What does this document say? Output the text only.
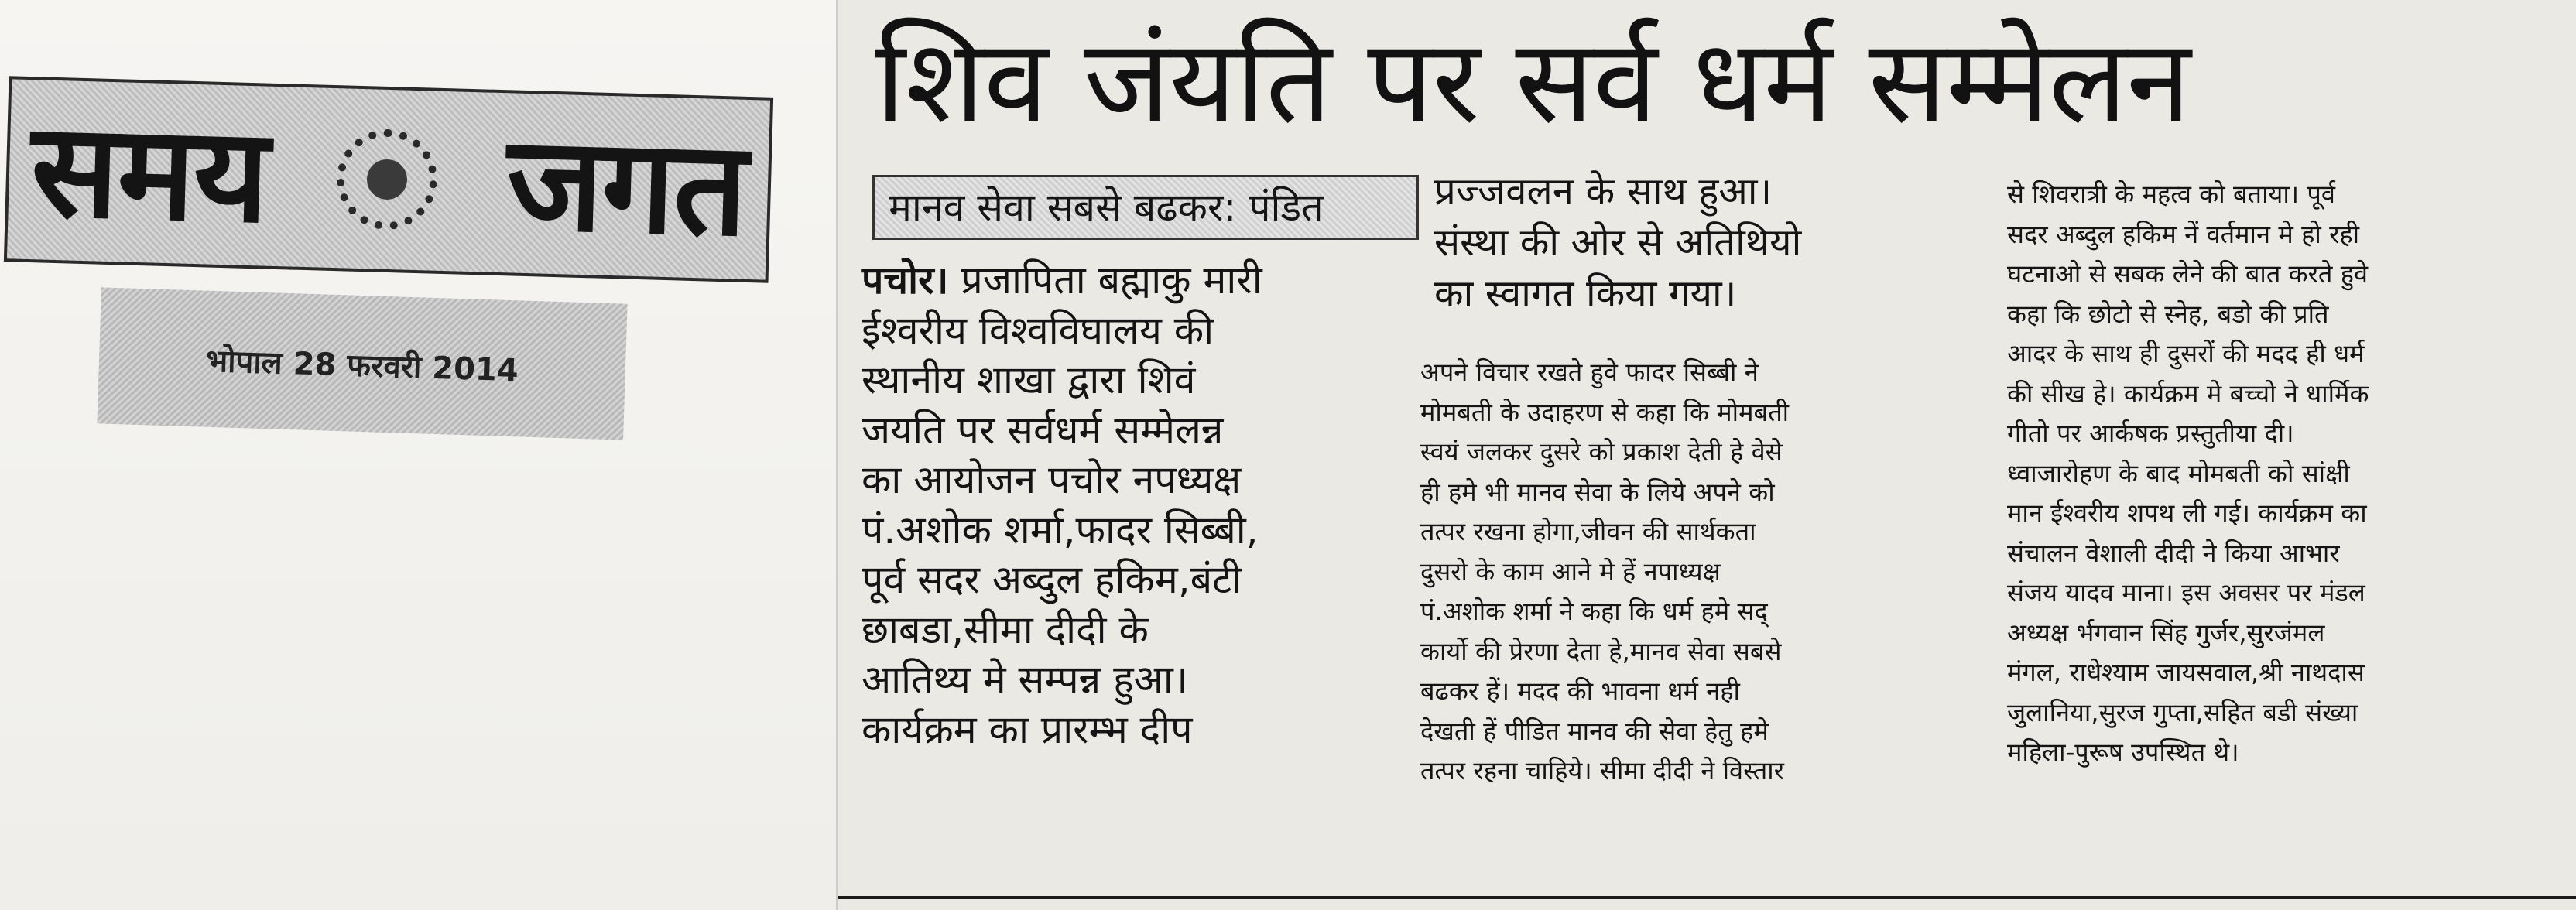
समय जगत
भोपाल 28 फरवरी 2014
शिव जंयति पर सर्व धर्म सम्मेलन
मानव सेवा सबसे बढकर: पंडित
पचोर। प्रजापिता बह्माकु मारी
ईश्वरीय विश्वविघालय की
स्थानीय शाखा द्वारा शिवं
जयति पर सर्वधर्म सम्मेलन्न
का आयोजन पचोर नपध्यक्ष
पं.अशोक शर्मा,फादर सिब्बी,
पूर्व सदर अब्दुल हकिम,बंटी
छाबडा,सीमा दीदी के
आतिथ्य मे सम्पन्न हुआ।
कार्यक्रम का प्रारम्भ दीप
प्रज्जवलन के साथ हुआ।
संस्था की ओर से अतिथियो
का स्वागत किया गया।
अपने विचार रखते हुवे फादर सिब्बी ने
मोमबती के उदाहरण से कहा कि मोमबती
स्वयं जलकर दुसरे को प्रकाश देती हे वेसे
ही हमे भी मानव सेवा के लिये अपने को
तत्पर रखना होगा,जीवन की सार्थकता
दुसरो के काम आने मे हें नपाध्यक्ष
पं.अशोक शर्मा ने कहा कि धर्म हमे सद्
कार्यो की प्रेरणा देता हे,मानव सेवा सबसे
बढकर हें। मदद की भावना धर्म नही
देखती हें पीडित मानव की सेवा हेतु हमे
तत्पर रहना चाहिये। सीमा दीदी ने विस्तार
से शिवरात्री के महत्व को बताया। पूर्व
सदर अब्दुल हकिम नें वर्तमान मे हो रही
घटनाओ से सबक लेने की बात करते हुवे
कहा कि छोटो से स्नेह, बडो की प्रति
आदर के साथ ही दुसरों की मदद ही धर्म
की सीख हे। कार्यक्रम मे बच्चो ने धार्मिक
गीतो पर आर्कषक प्रस्तुतीया दी।
ध्वाजारोहण के बाद मोमबती को सांक्षी
मान ईश्वरीय शपथ ली गई। कार्यक्रम का
संचालन वेशाली दीदी ने किया आभार
संजय यादव माना। इस अवसर पर मंडल
अध्यक्ष र्भगवान सिंह गुर्जर,सुरजंमल
मंगल, राधेश्याम जायसवाल,श्री नाथदास
जुलानिया,सुरज गुप्ता,सहित बडी संख्या
महिला-पुरूष उपस्थित थे।
